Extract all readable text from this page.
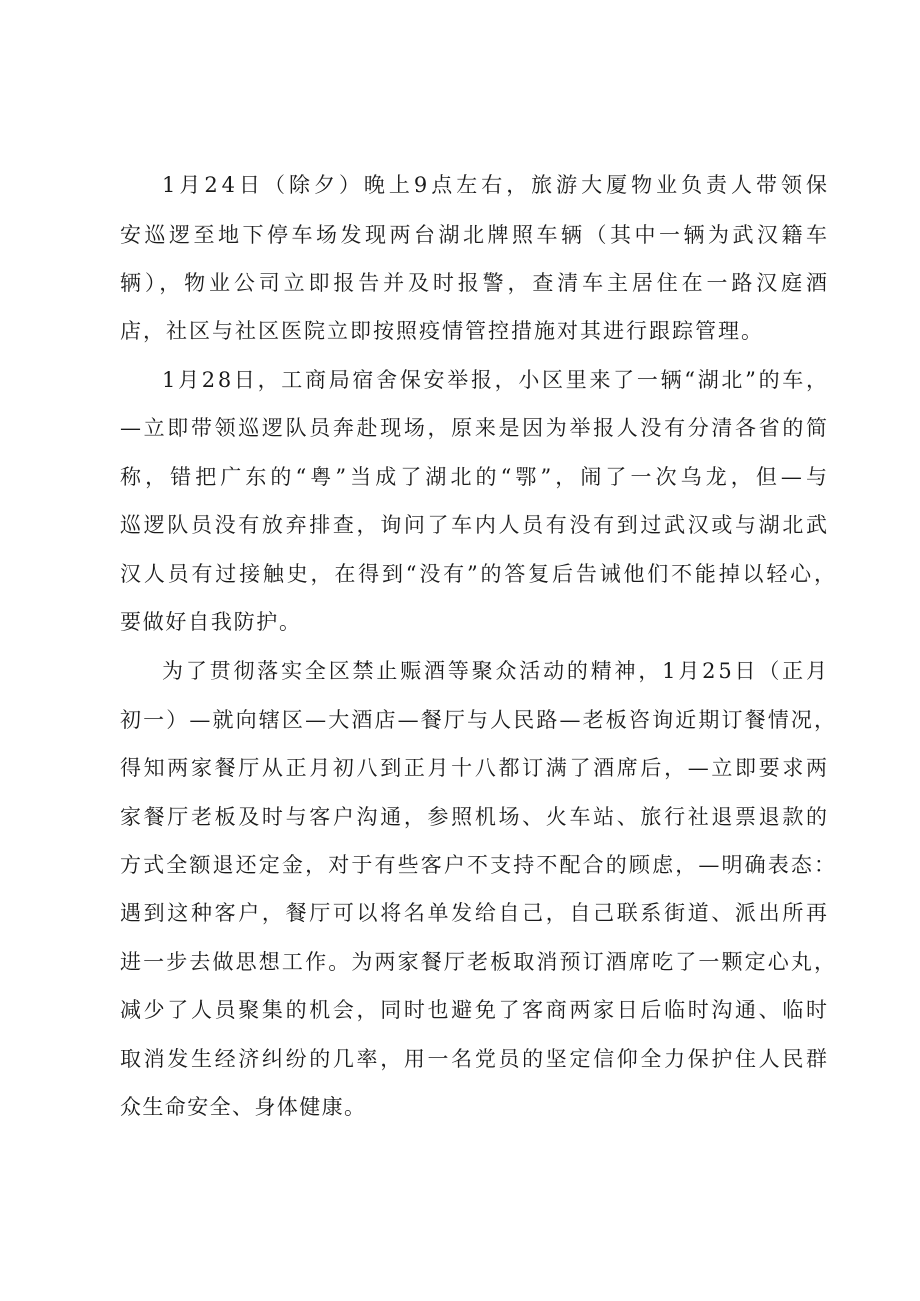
1月24日（除夕）晚上9点左右，旅游大厦物业负责人带领保
安巡逻至地下停车场发现两台湖北牌照车辆（其中一辆为武汉籍车
辆），物业公司立即报告并及时报警，查清车主居住在一路汉庭酒
店，社区与社区医院立即按照疫情管控措施对其进行跟踪管理。
1月28日，工商局宿舍保安举报，小区里来了一辆“湖北”的车，
—立即带领巡逻队员奔赴现场，原来是因为举报人没有分清各省的简
称，错把广东的“粤”当成了湖北的“鄂”，闹了一次乌龙，但—与
巡逻队员没有放弃排查，询问了车内人员有没有到过武汉或与湖北武
汉人员有过接触史，在得到“没有”的答复后告诫他们不能掉以轻心，
要做好自我防护。
为了贯彻落实全区禁止赈酒等聚众活动的精神，1月25日（正月
初一）—就向辖区—大酒店—餐厅与人民路—老板咨询近期订餐情况，
得知两家餐厅从正月初八到正月十八都订满了酒席后，—立即要求两
家餐厅老板及时与客户沟通，参照机场、火车站、旅行社退票退款的
方式全额退还定金，对于有些客户不支持不配合的顾虑，—明确表态：
遇到这种客户，餐厅可以将名单发给自己，自己联系街道、派出所再
进一步去做思想工作。为两家餐厅老板取消预订酒席吃了一颗定心丸，
减少了人员聚集的机会，同时也避免了客商两家日后临时沟通、临时
取消发生经济纠纷的几率，用一名党员的坚定信仰全力保护住人民群
众生命安全、身体健康。
